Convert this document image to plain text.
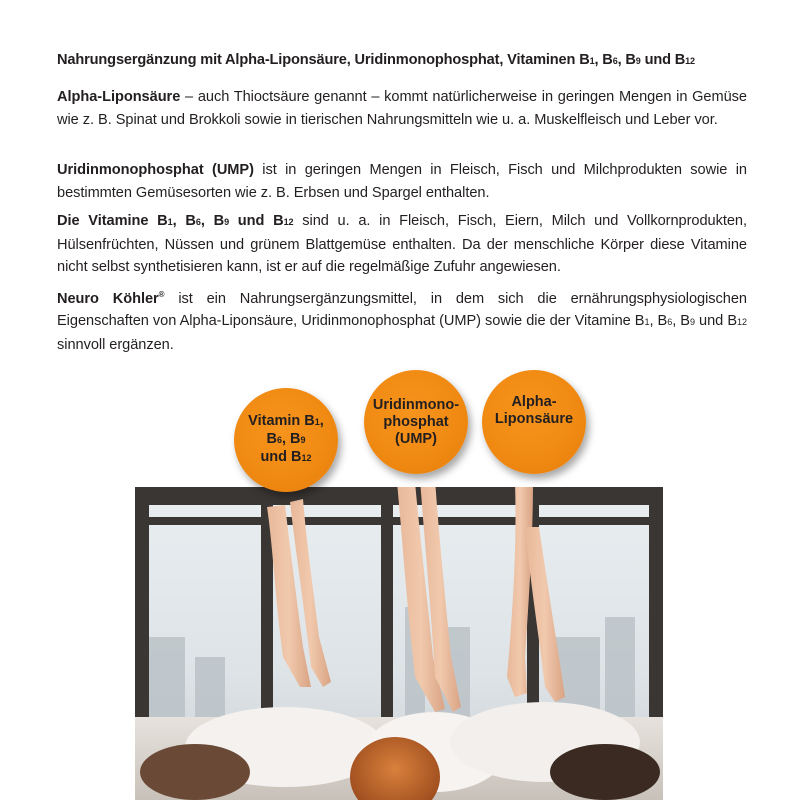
Nahrungsergänzung mit Alpha-Liponsäure, Uridinmonophosphat, Vitaminen B1, B6, B9 und B12

Alpha-Liponsäure – auch Thioctsäure genannt – kommt natürlicherweise in geringen Mengen in Gemüse wie z. B. Spinat und Brokkoli sowie in tierischen Nahrungsmitteln wie u. a. Muskelfleisch und Leber vor.

Uridinmonophosphat (UMP) ist in geringen Mengen in Fleisch, Fisch und Milchprodukten sowie in bestimmten Gemüsesorten wie z. B. Erbsen und Spargel enthalten.

Die Vitamine B1, B6, B9 und B12 sind u. a. in Fleisch, Fisch, Eiern, Milch und Vollkornprodukten, Hülsenfrüchten, Nüssen und grünem Blattgemüse enthalten. Da der menschliche Körper diese Vitamine nicht selbst synthetisieren kann, ist er auf die regelmäßige Zufuhr angewiesen.

Neuro Köhler® ist ein Nahrungsergänzungsmittel, in dem sich die ernährungsphysiologischen Eigenschaften von Alpha-Liponsäure, Uridinmonophosphat (UMP) sowie die der Vitamine B1, B6, B9 und B12 sinnvoll ergänzen.

Vitamin B1,
B6, B9
und B12
Uridinmono-
phosphat
(UMP)
Alpha-
Liponsäure
